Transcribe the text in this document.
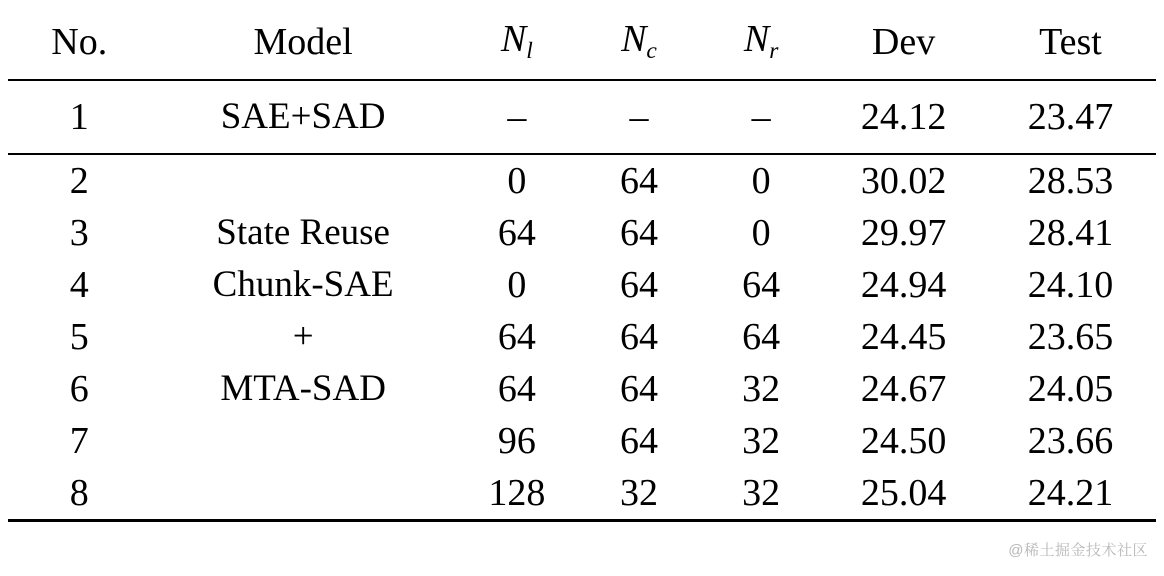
No.	Model	$N_l$	$N_c$	$N_r$	Dev	Test
1	SAE+SAD	–	–	–	24.12	23.47
2		0	64	0	30.02	28.53
3	State Reuse	64	64	0	29.97	28.41
4	Chunk-SAE	0	64	64	24.94	24.10
5	+	64	64	64	24.45	23.65
6	MTA-SAD	64	64	32	24.67	24.05
7		96	64	32	24.50	23.66
8		128	32	32	25.04	24.21

@稀土掘金技术社区
